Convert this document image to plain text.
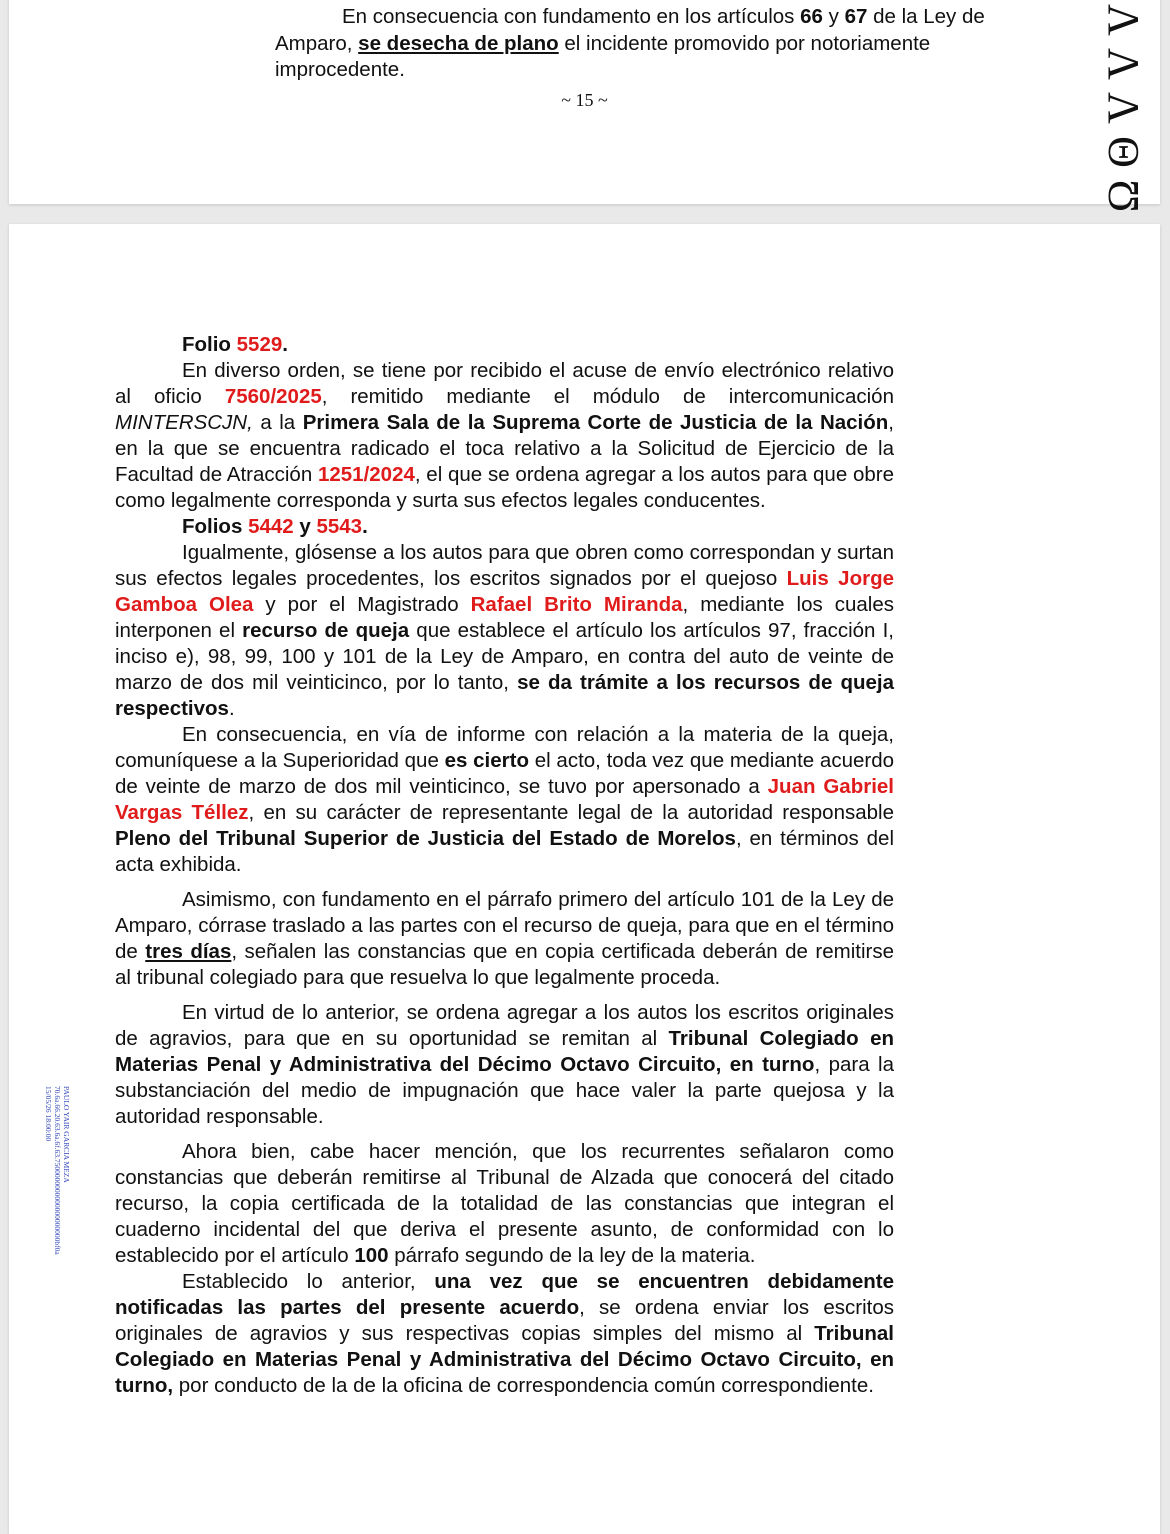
En consecuencia con fundamento en los artículos 66 y 67 de la Ley de
Amparo, se desecha de plano el incidente promovido por notoriamente
improcedente.
~ 15 ~
Ʌ
Ʌ
Λ
Θ
Ʊ
PAULO YAIR GARCIA MEZA
70.6a.66.20.63.6a.6f.63.7500000000000000000000bf0a
15/05/26 18:00:00

Folio 5529.

En diverso orden, se tiene por recibido el acuse de envío electrónico relativo al oficio 7560/2025, remitido mediante el módulo de intercomunicación MINTERSCJN, a la Primera Sala de la Suprema Corte de Justicia de la Nación, en la que se encuentra radicado el toca relativo a la Solicitud de Ejercicio de la Facultad de Atracción 1251/2024, el que se ordena agregar a los autos para que obre como legalmente corresponda y surta sus efectos legales conducentes.

Folios 5442 y 5543.

Igualmente, glósense a los autos para que obren como correspondan y surtan sus efectos legales procedentes, los escritos signados por el quejoso Luis Jorge Gamboa Olea y por el Magistrado Rafael Brito Miranda, mediante los cuales interponen el recurso de queja que establece el artículo los artículos 97, fracción I, inciso e), 98, 99, 100 y 101 de la Ley de Amparo, en contra del auto de veinte de marzo de dos mil veinticinco, por lo tanto, se da trámite a los recursos de queja respectivos.

En consecuencia, en vía de informe con relación a la materia de la queja, comuníquese a la Superioridad que es cierto el acto, toda vez que mediante acuerdo de veinte de marzo de dos mil veinticinco, se tuvo por apersonado a Juan Gabriel Vargas Téllez, en su carácter de representante legal de la autoridad responsable Pleno del Tribunal Superior de Justicia del Estado de Morelos, en términos del acta exhibida.

Asimismo, con fundamento en el párrafo primero del artículo 101 de la Ley de Amparo, córrase traslado a las partes con el recurso de queja, para que en el término de tres días, señalen las constancias que en copia certificada deberán de remitirse al tribunal colegiado para que resuelva lo que legalmente proceda.

En virtud de lo anterior, se ordena agregar a los autos los escritos originales de agravios, para que en su oportunidad se remitan al Tribunal Colegiado en Materias Penal y Administrativa del Décimo Octavo Circuito, en turno, para la substanciación del medio de impugnación que hace valer la parte quejosa y la autoridad responsable.

Ahora bien, cabe hacer mención, que los recurrentes señalaron como constancias que deberán remitirse al Tribunal de Alzada que conocerá del citado recurso, la copia certificada de la totalidad de las constancias que integran el cuaderno incidental del que deriva el presente asunto, de conformidad con lo establecido por el artículo 100 párrafo segundo de la ley de la materia.

Establecido lo anterior, una vez que se encuentren debidamente notificadas las partes del presente acuerdo, se ordena enviar los escritos originales de agravios y sus respectivas copias simples del mismo al Tribunal Colegiado en Materias Penal y Administrativa del Décimo Octavo Circuito, en turno, por conducto de la de la oficina de correspondencia común correspondiente.
